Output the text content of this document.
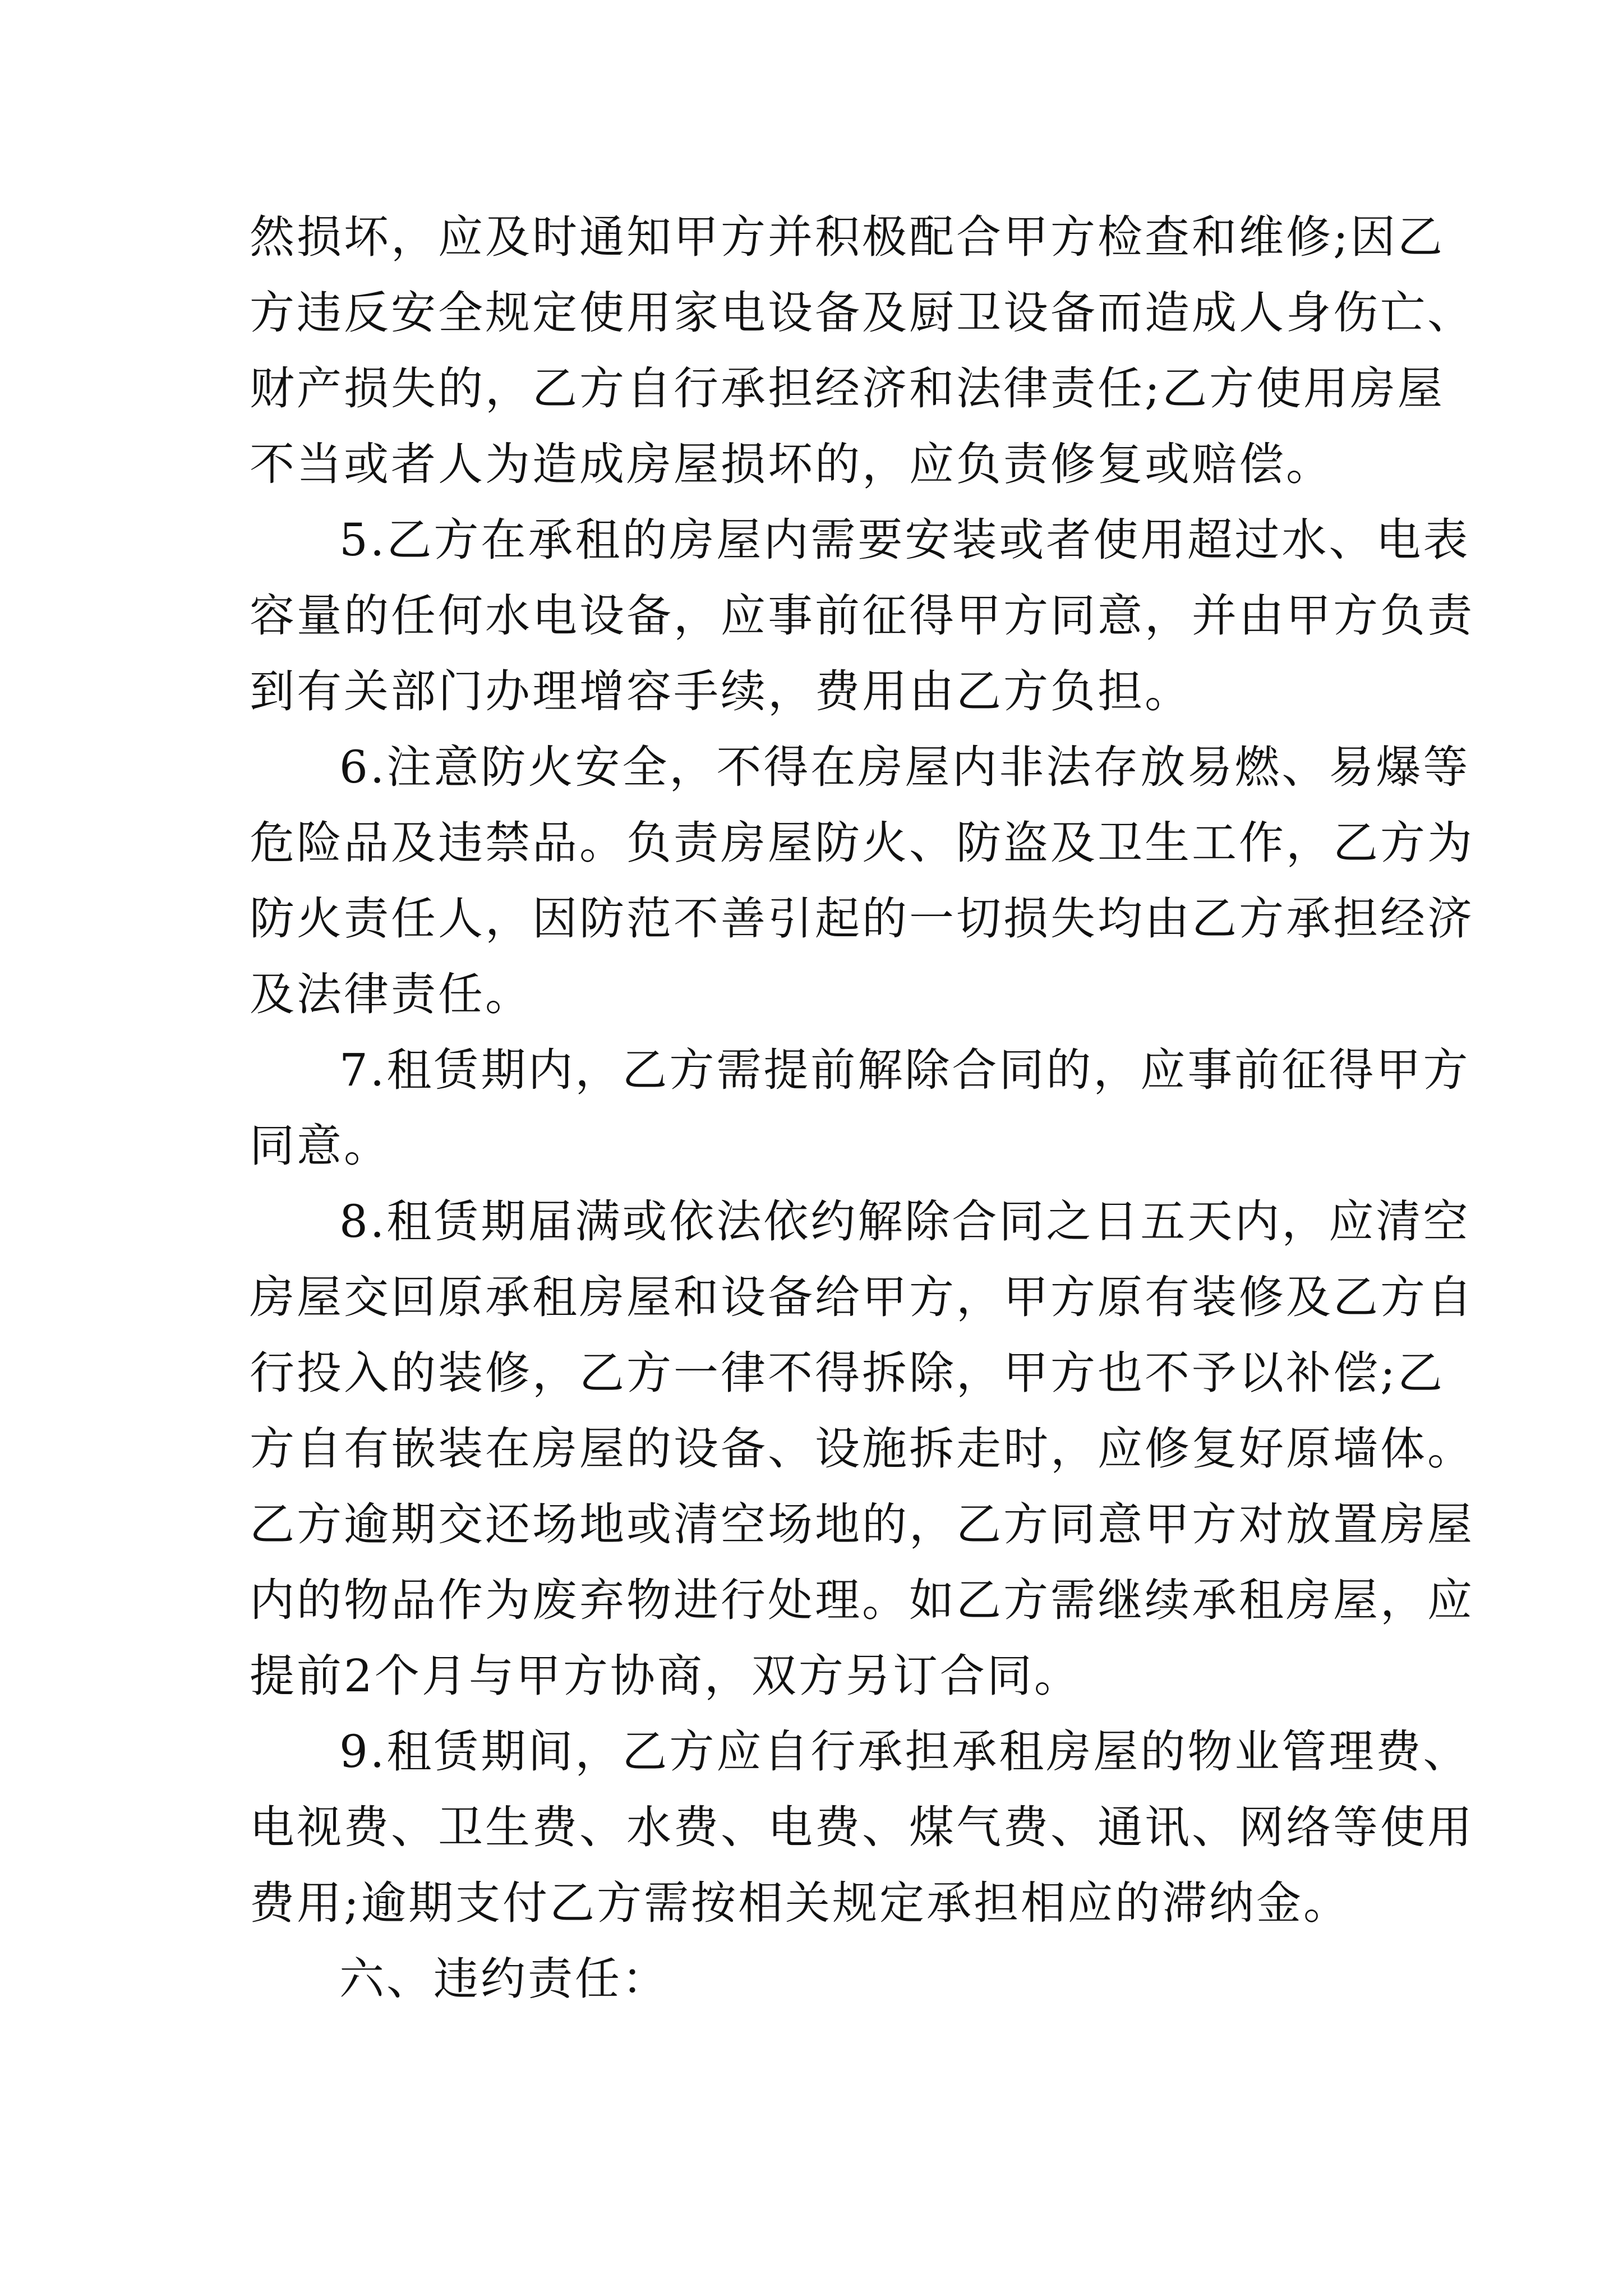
然损坏，应及时通知甲方并积极配合甲方检查和维修;因乙
方违反安全规定使用家电设备及厨卫设备而造成人身伤亡、
财产损失的，乙方自行承担经济和法律责任;乙方使用房屋
不当或者人为造成房屋损坏的，应负责修复或赔偿。
5.乙方在承租的房屋内需要安装或者使用超过水、电表
容量的任何水电设备，应事前征得甲方同意，并由甲方负责
到有关部门办理增容手续，费用由乙方负担。
6.注意防火安全，不得在房屋内非法存放易燃、易爆等
危险品及违禁品。负责房屋防火、防盗及卫生工作，乙方为
防火责任人，因防范不善引起的一切损失均由乙方承担经济
及法律责任。
7.租赁期内，乙方需提前解除合同的，应事前征得甲方
同意。
8.租赁期届满或依法依约解除合同之日五天内，应清空
房屋交回原承租房屋和设备给甲方，甲方原有装修及乙方自
行投入的装修，乙方一律不得拆除，甲方也不予以补偿;乙
方自有嵌装在房屋的设备、设施拆走时，应修复好原墙体。
乙方逾期交还场地或清空场地的，乙方同意甲方对放置房屋
内的物品作为废弃物进行处理。如乙方需继续承租房屋，应
提前2个月与甲方协商，双方另订合同。
9.租赁期间，乙方应自行承担承租房屋的物业管理费、
电视费、卫生费、水费、电费、煤气费、通讯、网络等使用
费用;逾期支付乙方需按相关规定承担相应的滞纳金。
六、违约责任：
